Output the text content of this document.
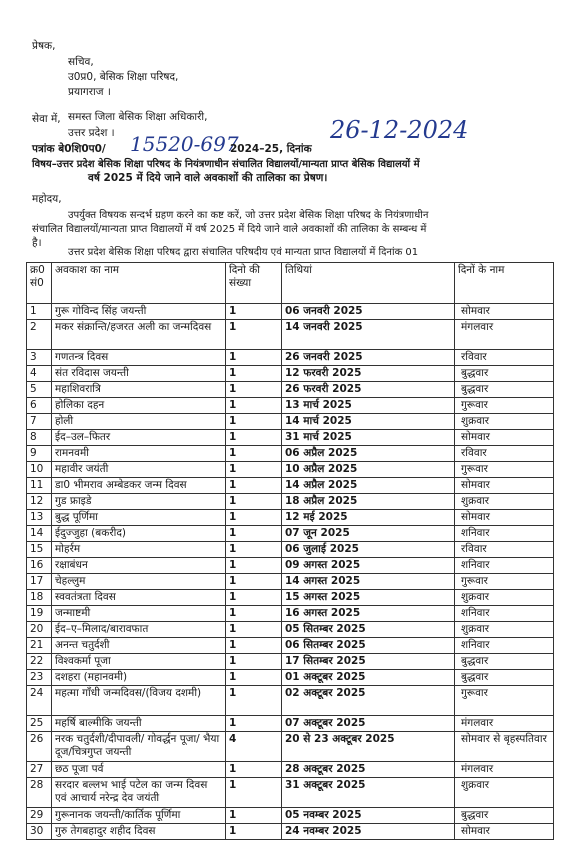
प्रेषक,
सचिव,
उ0प्र0, बेसिक शिक्षा परिषद,
प्रयागराज ।
सेवा में, समस्त जिला बेसिक शिक्षा अधिकारी,
उत्तर प्रदेश ।
पत्रांक बे0शि0प0/ 15520-697
2024–25, दिनांक
26-12-2024
विषय–उत्तर प्रदेश बेसिक शिक्षा परिषद के नियंत्रणाधीन संचालित विद्यालयों/मान्यता प्राप्त बेसिक विद्यालयों में
वर्ष 2025 में दिये जाने वाले अवकाशों की तालिका का प्रेषण।
महोदय,
उपर्युक्त विषयक सन्दर्भ ग्रहण करने का कष्ट करें, जो उत्तर प्रदेश बेसिक शिक्षा परिषद के नियंत्रणाधीन
संचालित विद्यालयों/मान्यता प्राप्त विद्यालयों में वर्ष 2025 में दिये जाने वाले अवकाशों की तालिका के सम्बन्ध में
है।
उत्तर प्रदेश बेसिक शिक्षा परिषद द्वारा संचालित परिषदीय एवं मान्यता प्राप्त विद्यालयों में दिनांक 01
क्र0 सं0	अवकाश का नाम	दिनो की संख्या	तिथियां	दिनों के नाम
1	गुरू गोविन्द सिंह जयन्ती	1	06 जनवरी 2025	सोमवार
2	मकर संक्रान्ति/हजरत अली का जन्मदिवस	1	14 जनवरी 2025	मंगलवार
3	गणतन्त्र दिवस	1	26 जनवरी 2025	रविवार
4	संत रविदास जयन्ती	1	12 फरवरी 2025	बुद्धवार
5	महाशिवरात्रि	1	26 फरवरी 2025	बुद्धवार
6	होलिका दहन	1	13 मार्च 2025	गुरूवार
7	होली	1	14 मार्च 2025	शुक्रवार
8	ईद–उल–फितर	1	31 मार्च 2025	सोमवार
9	रामनवमी	1	06 अप्रैल 2025	रविवार
10	महावीर जयंती	1	10 अप्रैल 2025	गुरूवार
11	डा0 भीमराव अम्बेडकर जन्म दिवस	1	14 अप्रैल 2025	सोमवार
12	गुड फ्राइडे	1	18 अप्रैल 2025	शुक्रवार
13	बुद्ध पूर्णिमा	1	12 मई 2025	सोमवार
14	ईदुज्जुहा (बकरीद)	1	07 जून 2025	शनिवार
15	मोहर्रम	1	06 जुलाई 2025	रविवार
16	रक्षाबंधन	1	09 अगस्त 2025	शनिवार
17	चेहल्लुम	1	14 अगस्त 2025	गुरूवार
18	स्ववतंत्रता दिवस	1	15 अगस्त 2025	शुक्रवार
19	जन्माष्टमी	1	16 अगस्त 2025	शनिवार
20	ईद–ए–मिलाद/बारावफात	1	05 सितम्बर 2025	शुक्रवार
21	अनन्त चतुर्दशी	1	06 सितम्बर 2025	शनिवार
22	विश्वकर्मा पूजा	1	17 सितम्बर 2025	बुद्धवार
23	दशहरा (महानवमी)	1	01 अक्टूबर 2025	बुद्धवार
24	महत्मा गाँधी जन्मदिवस/(विजय दशमी)	1	02 अक्टूबर 2025	गुरूवार
25	महर्षि बाल्मीकि जयन्ती	1	07 अक्टूबर 2025	मंगलवार
26	नरक चतुर्दशी/दीपावली/ गोवर्द्धन पूजा/ भैया दूज/चित्रगुप्त जयन्ती	4	20 से 23 अक्टूबर 2025	सोमवार से बृहस्पतिवार
27	छठ पूजा पर्व	1	28 अक्टूबर 2025	मंगलवार
28	सरदार बल्लभ भाई पटेल का जन्म दिवस एवं आचार्य नरेन्द्र देव जयंती	1	31 अक्टूबर 2025	शुक्रवार
29	गुरूनानक जयन्ती/कार्तिक पूर्णिमा	1	05 नवम्बर 2025	बुद्धवार
30	गुरु तेगबहादुर शहीद दिवस	1	24 नवम्बर 2025	सोमवार
